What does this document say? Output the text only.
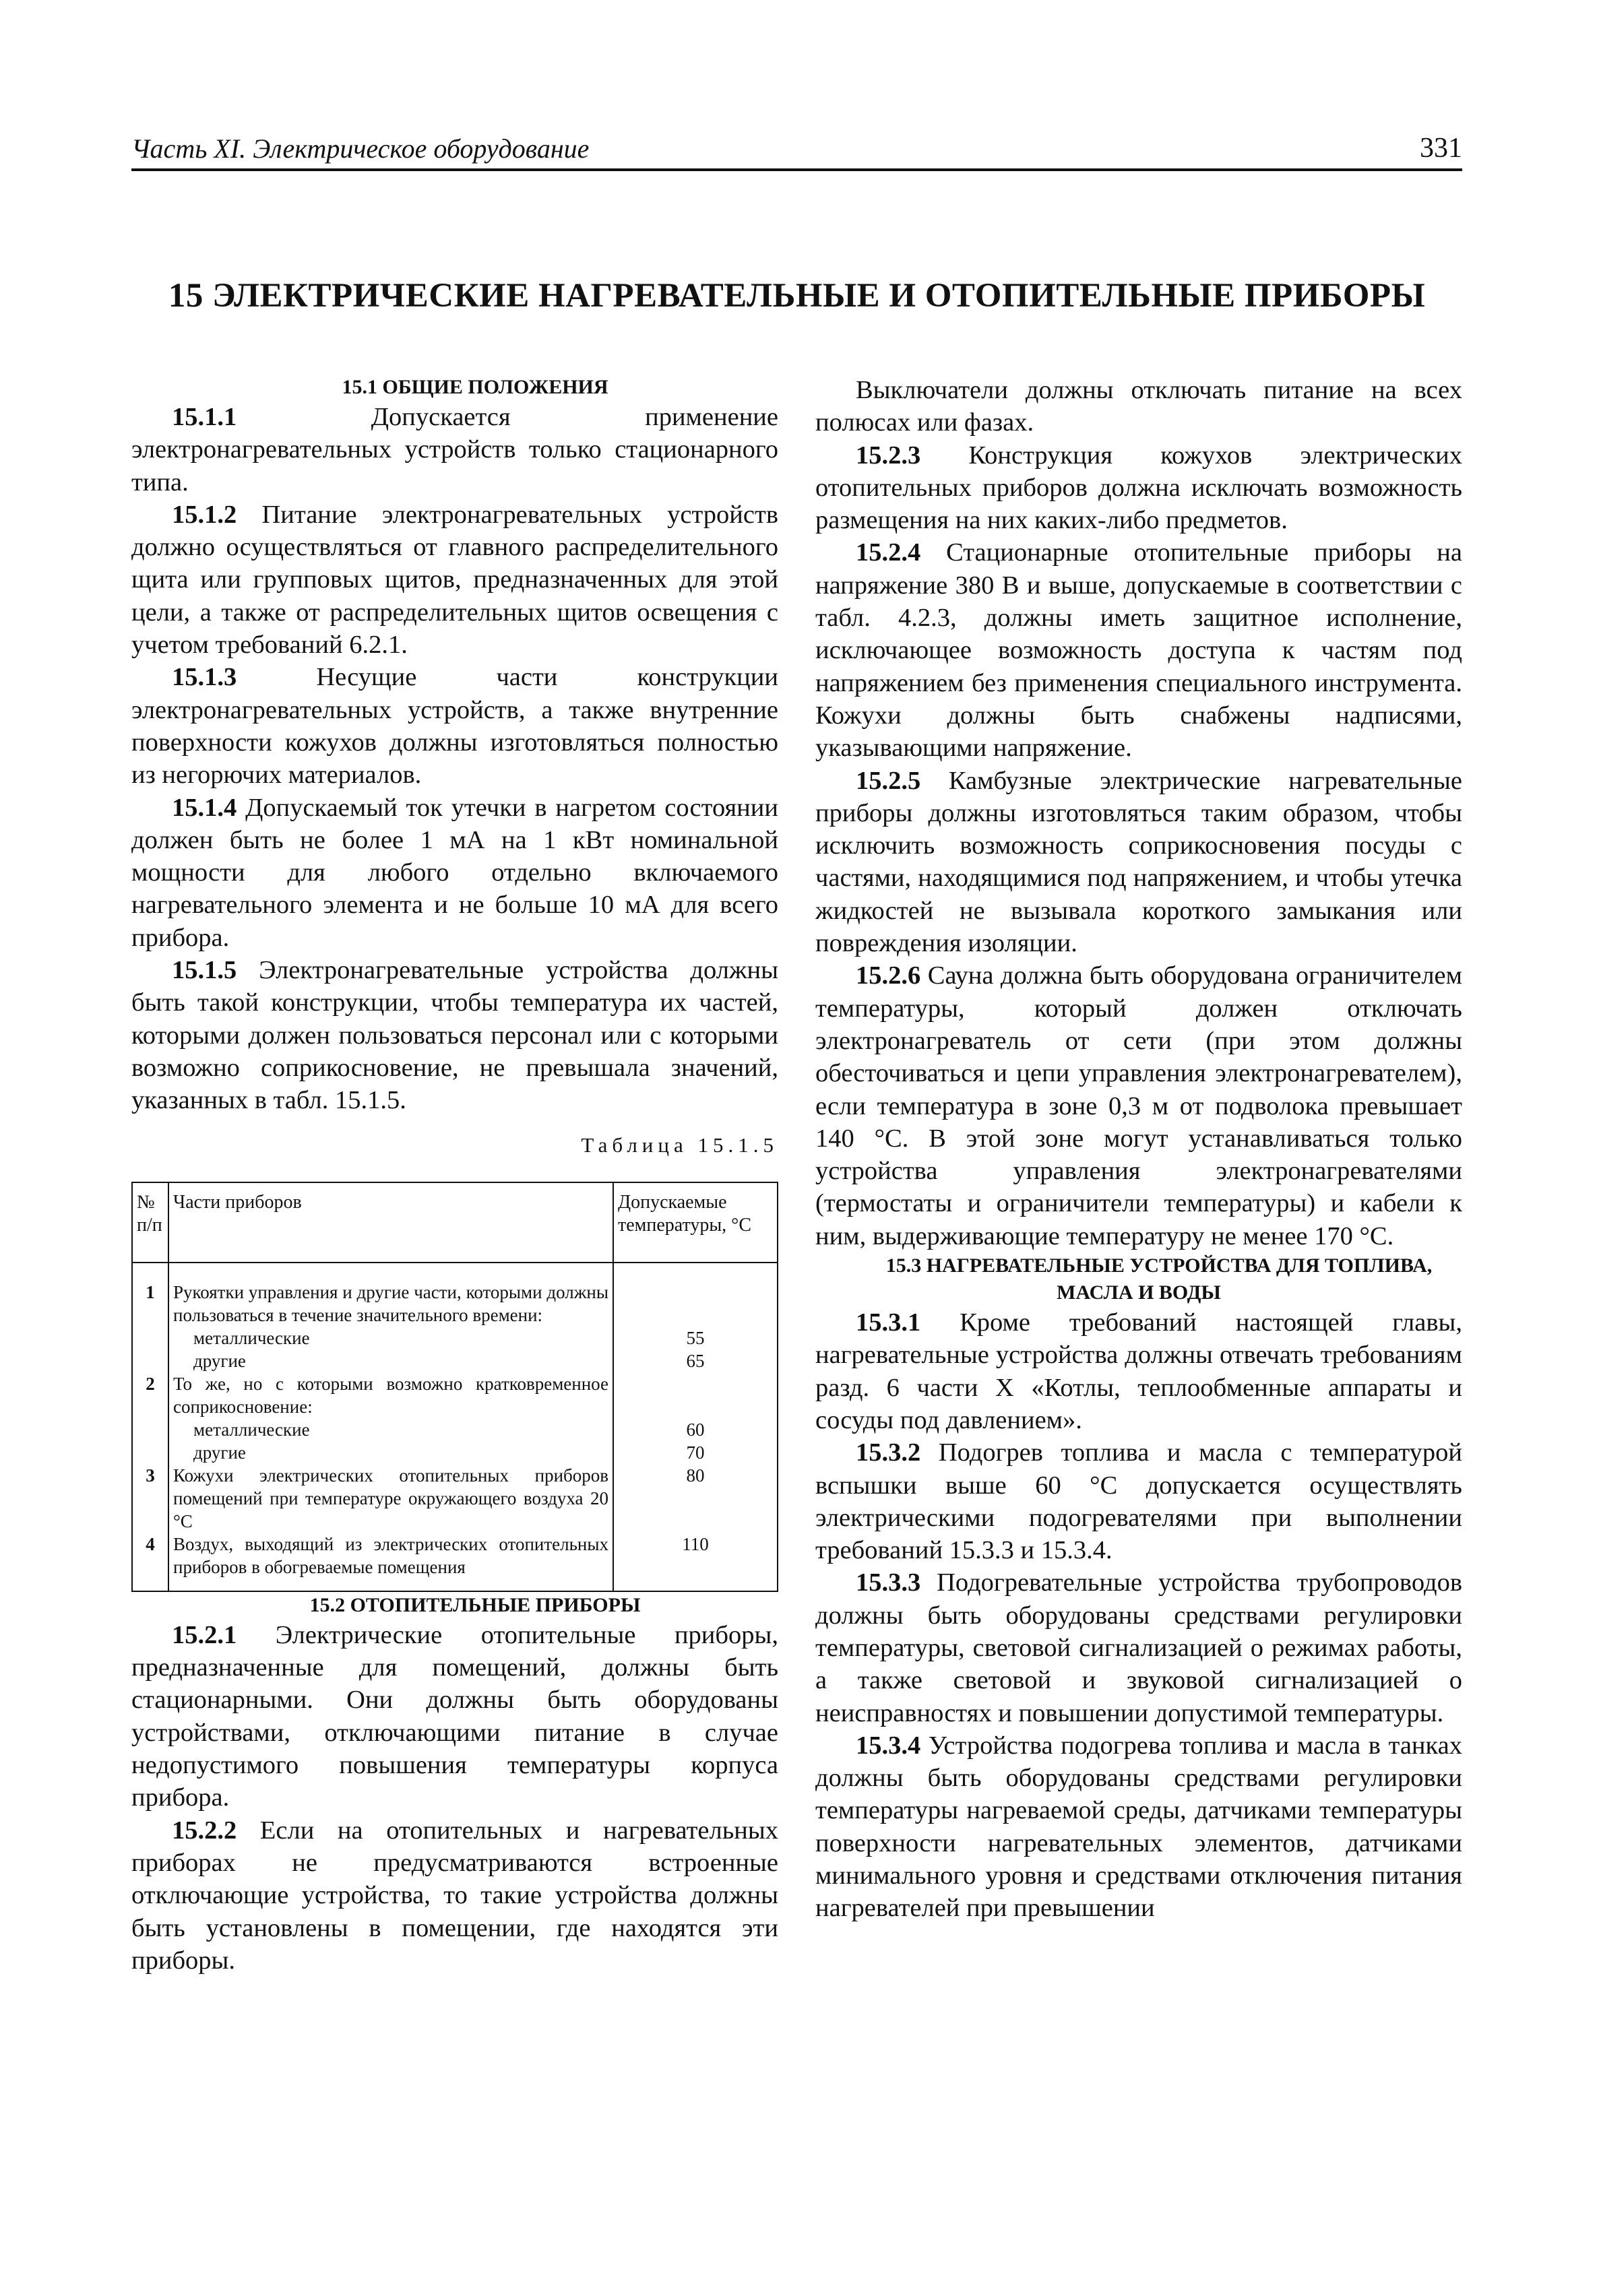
Часть XI. Электрическое оборудование	331
15 ЭЛЕКТРИЧЕСКИЕ НАГРЕВАТЕЛЬНЫЕ И ОТОПИТЕЛЬНЫЕ ПРИБОРЫ

15.1 ОБЩИЕ ПОЛОЖЕНИЯ

15.1.1 Допускается применение электронагревательных устройств только стационарного типа.

15.1.2 Питание электронагревательных устройств должно осуществляться от главного распределительного щита или групповых щитов, предназначенных для этой цели, а также от распределительных щитов освещения с учетом требований 6.2.1.

15.1.3 Несущие части конструкции электронагревательных устройств, а также внутренние поверхности кожухов должны изготовляться полностью из негорючих материалов.

15.1.4 Допускаемый ток утечки в нагретом состоянии должен быть не более 1 мА на 1 кВт номинальной мощности для любого отдельно включаемого нагревательного элемента и не больше 10 мА для всего прибора.

15.1.5 Электронагревательные устройства должны быть такой конструкции, чтобы температура их частей, которыми должен пользоваться персонал или с которыми возможно соприкосновение, не превышала значений, указанных в табл. 15.1.5.

Таблица 15.1.5
№ п/п	Части приборов	Допускаемые температуры, °С
1	Рукоятки управления и другие части, которыми должны пользоваться в течение значительного времени:	
	металлические	55
	другие	65
2	То же, но с которыми возможно кратковременное соприкосновение:	
	металлические	60
	другие	70
3	Кожухи электрических отопительных приборов помещений при температуре окружающего воздуха 20 °С	80
4	Воздух, выходящий из электрических отопительных приборов в обогреваемые помещения	110

15.2 ОТОПИТЕЛЬНЫЕ ПРИБОРЫ

15.2.1 Электрические отопительные приборы, предназначенные для помещений, должны быть стационарными. Они должны быть оборудованы устройствами, отключающими питание в случае недопустимого повышения температуры корпуса прибора.

15.2.2 Если на отопительных и нагревательных приборах не предусматриваются встроенные отключающие устройства, то такие устройства должны быть установлены в помещении, где находятся эти приборы.

Выключатели должны отключать питание на всех полюсах или фазах.

15.2.3 Конструкция кожухов электрических отопительных приборов должна исключать возможность размещения на них каких-либо предметов.

15.2.4 Стационарные отопительные приборы на напряжение 380 В и выше, допускаемые в соответствии с табл. 4.2.3, должны иметь защитное исполнение, исключающее возможность доступа к частям под напряжением без применения специального инструмента. Кожухи должны быть снабжены надписями, указывающими напряжение.

15.2.5 Камбузные электрические нагревательные приборы должны изготовляться таким образом, чтобы исключить возможность соприкосновения посуды с частями, находящимися под напряжением, и чтобы утечка жидкостей не вызывала короткого замыкания или повреждения изоляции.

15.2.6 Сауна должна быть оборудована ограничителем температуры, который должен отключать электронагреватель от сети (при этом должны обесточиваться и цепи управления электронагревателем), если температура в зоне 0,3 м от подволока превышает 140 °С. В этой зоне могут устанавливаться только устройства управления электронагревателями (термостаты и ограничители температуры) и кабели к ним, выдерживающие температуру не менее 170 °С.

15.3 НАГРЕВАТЕЛЬНЫЕ УСТРОЙСТВА ДЛЯ ТОПЛИВА, МАСЛА И ВОДЫ

15.3.1 Кроме требований настоящей главы, нагревательные устройства должны отвечать требованиям разд. 6 части X «Котлы, теплообменные аппараты и сосуды под давлением».

15.3.2 Подогрев топлива и масла с температурой вспышки выше 60 °С допускается осуществлять электрическими подогревателями при выполнении требований 15.3.3 и 15.3.4.

15.3.3 Подогревательные устройства трубопроводов должны быть оборудованы средствами регулировки температуры, световой сигнализацией о режимах работы, а также световой и звуковой сигнализацией о неисправностях и повышении допустимой температуры.

15.3.4 Устройства подогрева топлива и масла в танках должны быть оборудованы средствами регулировки температуры нагреваемой среды, датчиками температуры поверхности нагревательных элементов, датчиками минимального уровня и средствами отключения питания нагревателей при превышении
